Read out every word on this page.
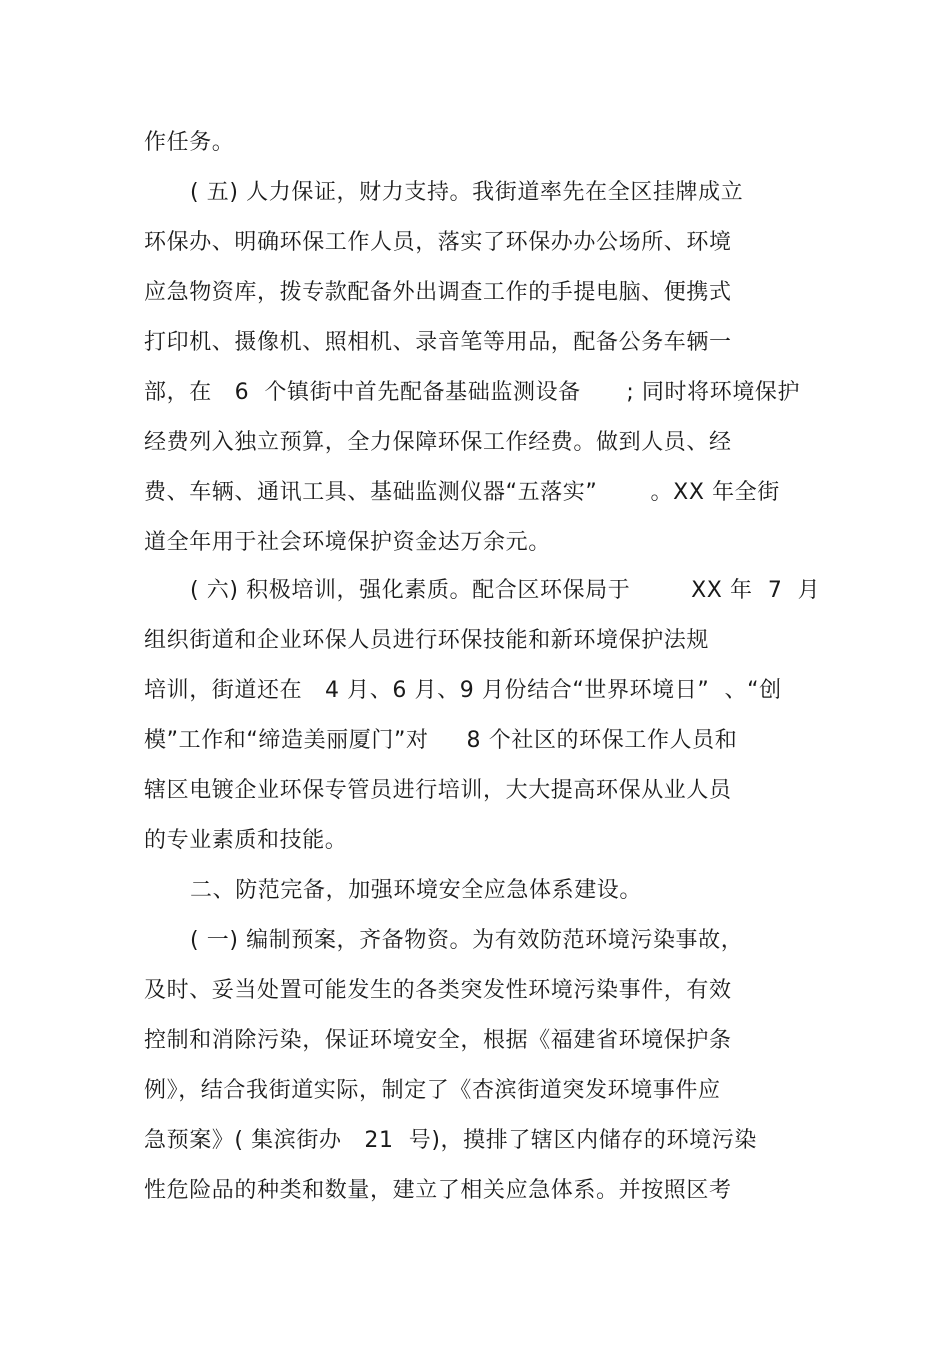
作任务。
( 五) 人力保证，财力支持。我街道率先在全区挂牌成立
环保办、明确环保工作人员，落实了环保办办公场所、环境
应急物资库，拨专款配备外出调查工作的手提电脑、便携式
打印机、摄像机、照相机、录音笔等用品，配备公务车辆一
部，在   6  个镇街中首先配备基础监测设备      ; 同时将环境保护
经费列入独立预算，全力保障环保工作经费。做到人员、经
费、车辆、通讯工具、基础监测仪器“五落实”       。XX 年全街
道全年用于社会环境保护资金达万余元。
( 六) 积极培训，强化素质。配合区环保局于        XX 年  7  月
组织街道和企业环保人员进行环保技能和新环境保护法规
培训，街道还在   4 月、6 月、9 月份结合“世界环境日”  、“创
模”工作和“缔造美丽厦门”对     8 个社区的环保工作人员和
辖区电镀企业环保专管员进行培训，大大提高环保从业人员
的专业素质和技能。
二、防范完备，加强环境安全应急体系建设。
( 一) 编制预案，齐备物资。为有效防范环境污染事故，
及时、妥当处置可能发生的各类突发性环境污染事件，有效
控制和消除污染，保证环境安全，根据《福建省环境保护条
例》，结合我街道实际，制定了《杏滨街道突发环境事件应
急预案》( 集滨街办   21  号)，摸排了辖区内储存的环境污染
性危险品的种类和数量，建立了相关应急体系。并按照区考
